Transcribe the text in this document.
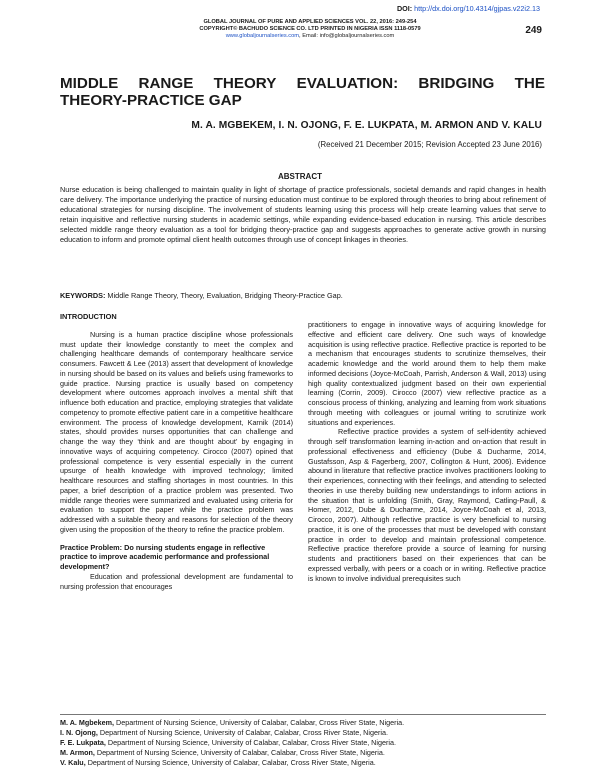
DOI: http://dx.doi.org/10.4314/gjpas.v22i2.13
GLOBAL JOURNAL OF PURE AND APPLIED SCIENCES VOL. 22, 2016: 249-254
COPYRIGHT© BACHUDO SCIENCE CO. LTD PRINTED IN NIGERIA ISSN 1118-0579
www.globaljournalseries.com, Email: info@globaljournalseries.com	249
MIDDLE RANGE THEORY EVALUATION: BRIDGING THE
THEORY-PRACTICE GAP
M. A. MGBEKEM, I. N. OJONG, F. E. LUKPATA, M. ARMON AND V. KALU
(Received 21 December 2015; Revision Accepted 23 June 2016)
ABSTRACT
Nurse education is being challenged to maintain quality in light of shortage of practice professionals, societal demands and rapid changes in health care delivery. The importance underlying the practice of nursing education must continue to be explored through theories to bring about refinement of educational strategies for nursing discipline. The involvement of students learning using this process will help create learning values that serve to retain inquisitive and reflective nursing students in academic settings, while expanding evidence-based education in nursing. This article describes selected middle range theory evaluation as a tool for bridging theory-practice gap and suggests approaches to generate active growth in nursing education to inform and promote optimal client health outcomes through use of concept linkages in theories.
KEYWORDS: Middle Range Theory, Theory, Evaluation, Bridging Theory-Practice Gap.
INTRODUCTION

Nursing is a human practice discipline whose professionals must update their knowledge constantly to meet the complex and challenging healthcare demands of contemporary healthcare service consumers. Fawcett & Lee (2013) assert that development of knowledge in nursing should be based on its values and beliefs using frameworks to guide practice. Nursing practice is usually based on competency development where outcomes approach involves a mental shift that influence both education and practice, employing strategies that validate competency to promote effective patient care in a competitive healthcare environment. The process of knowledge development, Karnik (2014) states, should provides nurses opportunities that can challenge and change the way they ‘think and are thought about’ by engaging in innovative ways of acquiring competency. Cirocco (2007) opined that professional competence is very essential especially in the current upsurge of health knowledge with improved technology; limited healthcare resources and staffing shortages in most countries. In this paper, a brief description of a practice problem was presented. Two middle range theories were summarized and evaluated using criteria for evaluation to support the paper while the practice problem was addressed with a suitable theory and reasons for selection of the theory given using the proposition of the theory to refine the practice problem.

Practice Problem: Do nursing students engage in reflective practice to improve academic performance and professional development?

Education and professional development are fundamental to nursing profession that encourages

practitioners to engage in innovative ways of acquiring knowledge for effective and efficient care delivery. One such ways of knowledge acquisition is using reflective practice. Reflective practice is reported to be a mechanism that encourages students to scrutinize themselves, their academic knowledge and the world around them to help them make informed decisions (Joyce-McCoah, Parrish, Anderson & Wall, 2013) using high quality contextualized judgment based on their own experiential learning (Corrin, 2009). Cirocco (2007) view reflective practice as a conscious process of thinking, analyzing and learning from work situations through meeting with colleagues or journal writing to scrutinize work situations and experiences.

Reflective practice provides a system of self-identity achieved through self transformation learning in-action and on-action that result in professional effectiveness and efficiency (Dube & Ducharme, 2014, Gustafsson, Asp & Fagerberg, 2007, Collington & Hunt, 2006). Evidence abound in literature that reflective practice involves practitioners looking to their experiences, connecting with their feelings, and attending to selected theories in use thereby building new understandings to inform actions in the situation that is unfolding (Smith, Gray, Raymond, Catling-Paull, & Homer, 2012, Dube & Ducharme, 2014, Joyce-McCoah et al, 2013, Cirocco, 2007). Although reflective practice is very beneficial to nursing practice, it is one of the processes that must be developed with constant practice in order to develop and maintain professional competence. Reflective practice therefore provide a source of learning for nursing students and practitioners based on their experiences that can be expressed verbally, with peers or a coach or in writing. Reflective practice is known to involve individual prerequisites such

M. A. Mgbekem, Department of Nursing Science, University of Calabar, Calabar, Cross River State, Nigeria.
I. N. Ojong, Department of Nursing Science, University of Calabar, Calabar, Cross River State, Nigeria.
F. E. Lukpata, Department of Nursing Science, University of Calabar, Calabar, Cross River State, Nigeria.
M. Armon, Department of Nursing Science, University of Calabar, Calabar, Cross River State, Nigeria.
V. Kalu, Department of Nursing Science, University of Calabar, Calabar, Cross River State, Nigeria.
